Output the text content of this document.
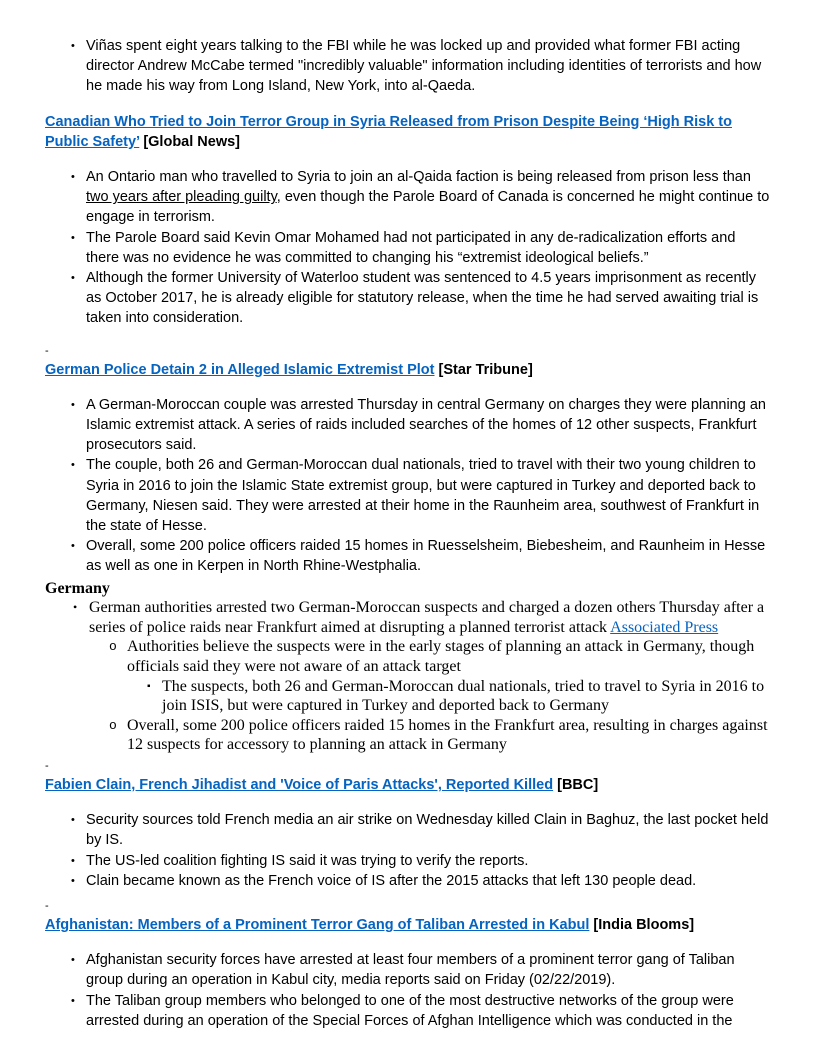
• Viñas spent eight years talking to the FBI while he was locked up and provided what former FBI acting director Andrew McCabe termed "incredibly valuable" information including identities of terrorists and how he made his way from Long Island, New York, into al-Qaeda.

Canadian Who Tried to Join Terror Group in Syria Released from Prison Despite Being ‘High Risk to Public Safety’ [Global News]

• An Ontario man who travelled to Syria to join an al-Qaida faction is being released from prison less than two years after pleading guilty, even though the Parole Board of Canada is concerned he might continue to engage in terrorism.
• The Parole Board said Kevin Omar Mohamed had not participated in any de-radicalization efforts and there was no evidence he was committed to changing his “extremist ideological beliefs.”
• Although the former University of Waterloo student was sentenced to 4.5 years imprisonment as recently as October 2017, he is already eligible for statutory release, when the time he had served awaiting trial is taken into consideration.
-

German Police Detain 2 in Alleged Islamic Extremist Plot [Star Tribune]

• A German-Moroccan couple was arrested Thursday in central Germany on charges they were planning an Islamic extremist attack. A series of raids included searches of the homes of 12 other suspects, Frankfurt prosecutors said.
• The couple, both 26 and German-Moroccan dual nationals, tried to travel with their two young children to Syria in 2016 to join the Islamic State extremist group, but were captured in Turkey and deported back to Germany, Niesen said. They were arrested at their home in the Raunheim area, southwest of Frankfurt in the state of Hesse.
• Overall, some 200 police officers raided 15 homes in Ruesselsheim, Biebesheim, and Raunheim in Hesse as well as one in Kerpen in North Rhine-Westphalia.

Germany

• German authorities arrested two German-Moroccan suspects and charged a dozen others Thursday after a series of police raids near Frankfurt aimed at disrupting a planned terrorist attack Associated Press
o Authorities believe the suspects were in the early stages of planning an attack in Germany, though officials said they were not aware of an attack target
▪ The suspects, both 26 and German-Moroccan dual nationals, tried to travel to Syria in 2016 to join ISIS, but were captured in Turkey and deported back to Germany
o Overall, some 200 police officers raided 15 homes in the Frankfurt area, resulting in charges against 12 suspects for accessory to planning an attack in Germany
-

Fabien Clain, French Jihadist and 'Voice of Paris Attacks', Reported Killed [BBC]

• Security sources told French media an air strike on Wednesday killed Clain in Baghuz, the last pocket held by IS.
• The US-led coalition fighting IS said it was trying to verify the reports.
• Clain became known as the French voice of IS after the 2015 attacks that left 130 people dead.
-

Afghanistan: Members of a Prominent Terror Gang of Taliban Arrested in Kabul [India Blooms]

• Afghanistan security forces have arrested at least four members of a prominent terror gang of Taliban group during an operation in Kabul city, media reports said on Friday (02/22/2019).
• The Taliban group members who belonged to one of the most destructive networks of the group were arrested during an operation of the Special Forces of Afghan Intelligence which was conducted in the
